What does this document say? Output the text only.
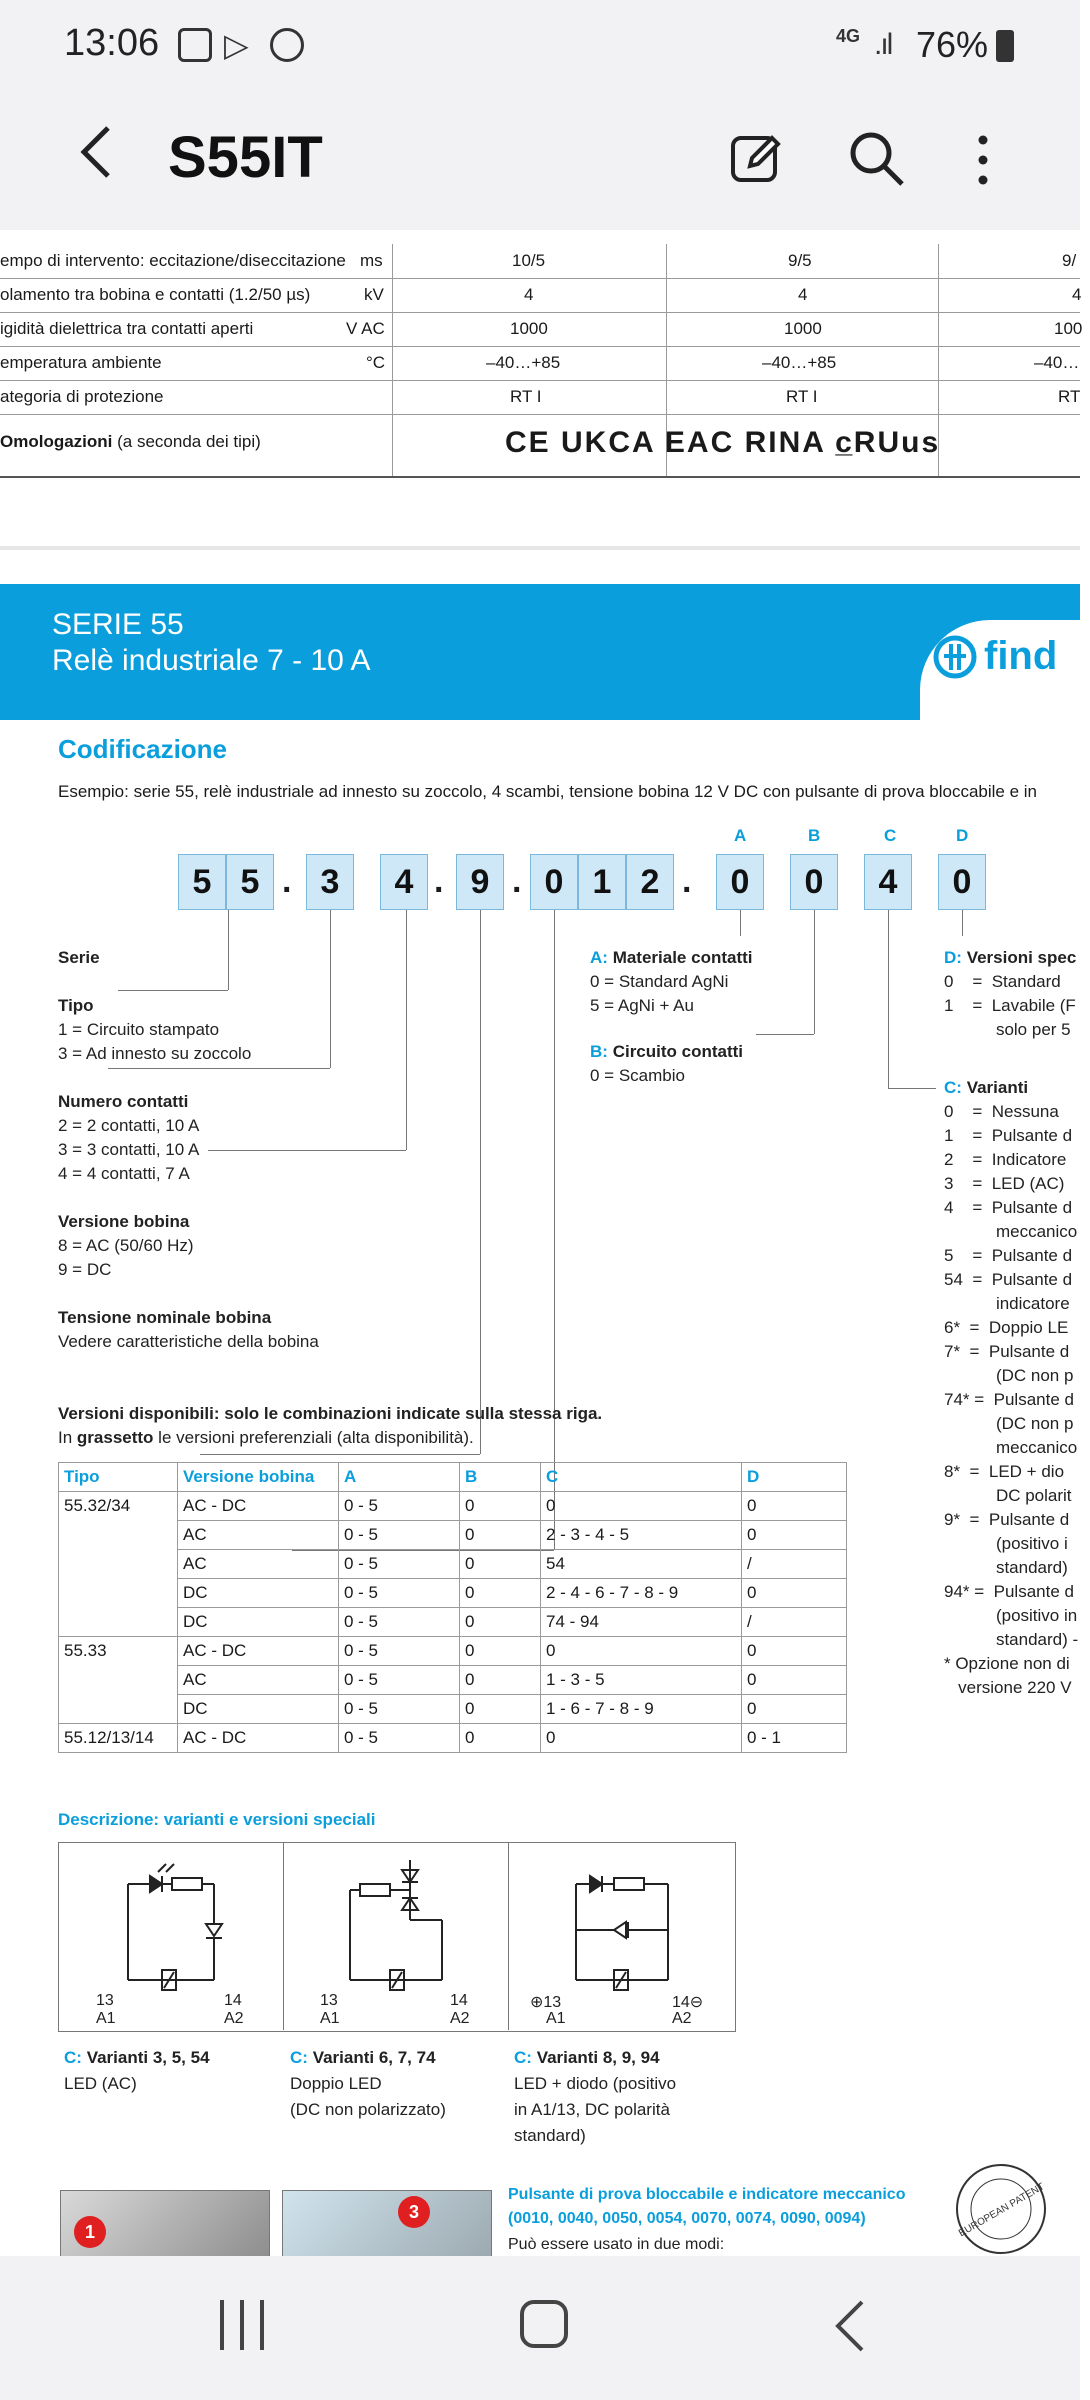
13:06 ▷	4G .ıl 76%
S55IT
empo di intervento: eccitazione/diseccitazione ms	10/5	9/5	9/
olamento tra bobina e contatti (1.2/50 µs)	kV	4	4	4
igidità dielettrica tra contatti aperti	V AC	1000	1000	100
emperatura ambiente	°C	–40…+85	–40…+85	–40…
ategoria di protezione	RT I	RT I	RT
Omologazioni (a seconda dei tipi)	CE UKCA EAC RINA c̲RUus
SERIE 55
Relè industriale 7 - 10 A	find
Codificazione
Esempio: serie 55, relè industriale ad innesto su zoccolo, 4 scambi, tensione bobina 12 V DC con pulsante di prova bloccabile e in
A	B	C	D
5 5 . 3	4 . 9 . 0 1 2 .	0	0	4	0
Serie
Tipo
1 = Circuito stampato
3 = Ad innesto su zoccolo
Numero contatti
2 = 2 contatti, 10 A
3 = 3 contatti, 10 A
4 = 4 contatti, 7 A
Versione bobina
8 = AC (50/60 Hz)
9 = DC
Tensione nominale bobina
Vedere caratteristiche della bobina
A: Materiale contatti
0 = Standard AgNi
5 = AgNi + Au
B: Circuito contatti
0 = Scambio
D: Versioni spec
0    =  Standard
1    =  Lavabile (F
solo per 5
C: Varianti
0    =  Nessuna
1    =  Pulsante d
2    =  Indicatore
3    =  LED (AC)
4    =  Pulsante d
meccanico
5    =  Pulsante d
54  =  Pulsante d
indicatore
6*  =  Doppio LE
7*  =  Pulsante d
(DC non p
74* =  Pulsante d
(DC non p
meccanico
8*  =  LED + dio
DC polarit
9*  =  Pulsante d
(positivo i
standard)
94* =  Pulsante d
(positivo in
standard) -
* Opzione non di
versione 220 V
Versioni disponibili: solo le combinazioni indicate sulla stessa riga.
In grassetto le versioni preferenziali (alta disponibilità).
Tipo	Versione bobina	A	B	C	D
55.32/34	AC - DC	0 - 5	0	0	0
	AC	0 - 5	0	2 - 3 - 4 - 5	0
	AC	0 - 5	0	54	/
	DC	0 - 5	0	2 - 4 - 6 - 7 - 8 - 9	0
	DC	0 - 5	0	74 - 94	/
55.33	AC - DC	0 - 5	0	0	0
	AC	0 - 5	0	1 - 3 - 5	0
	DC	0 - 5	0	1 - 6 - 7 - 8 - 9	0
55.12/13/14	AC - DC	0 - 5	0	0	0 - 1
Descrizione: varianti e versioni speciali
13
A1
14
A2
13
A1
14
A2
⊕13
A1
14⊖
A2
C: Varianti 3, 5, 54
LED (AC)
C: Varianti 6, 7, 74
Doppio LED
(DC non polarizzato)
C: Varianti 8, 9, 94
LED + diodo (positivo
in A1/13, DC polarità
standard)
1
3
Pulsante di prova bloccabile e indicatore meccanico
(0010, 0040, 0050, 0054, 0070, 0074, 0090, 0094)
Può essere usato in due modi:
EUROPEAN PATENT
